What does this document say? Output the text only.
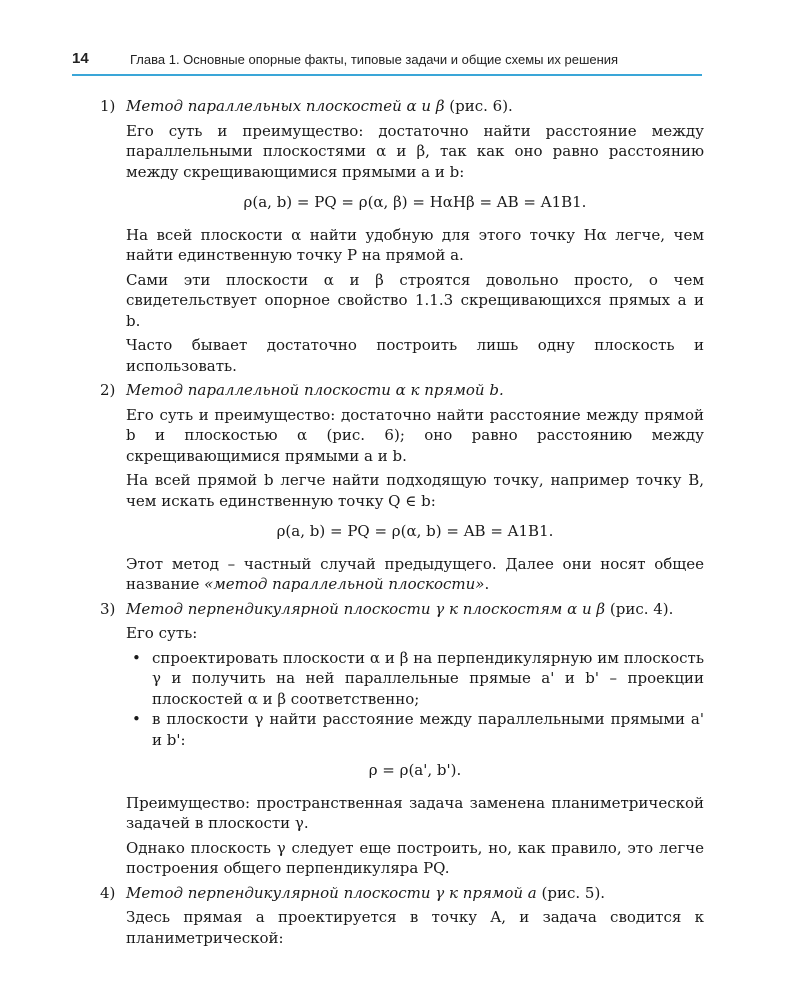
14	Глава 1. Основные опорные факты, типовые задачи и общие схемы их решения
1) Метод параллельных плоскостей α и β (рис. 6).

Его суть и преимущество: достаточно найти расстояние между параллельными плоскостями α и β, так как оно равно расстоянию между скрещивающимися прямыми a и b:

ρ(a, b) = PQ = ρ(α, β) = HαHβ = AB = A1B1.

На всей плоскости α найти удобную для этого точку Hα легче, чем найти единственную точку P на прямой a.

Сами эти плоскости α и β строятся довольно просто, о чем свидетельствует опорное свойство 1.1.3 скрещивающихся прямых a и b.

Часто бывает достаточно построить лишь одну плоскость и использовать.

2) Метод параллельной плоскости α к прямой b.

Его суть и преимущество: достаточно найти расстояние между прямой b и плоскостью α (рис. 6); оно равно расстоянию между скрещивающимися прямыми a и b.

На всей прямой b легче найти подходящую точку, например точку B, чем искать единственную точку Q ∈ b:

ρ(a, b) = PQ = ρ(α, b) = AB = A1B1.

Этот метод – частный случай предыдущего. Далее они носят общее название «метод параллельной плоскости».

3) Метод перпендикулярной плоскости γ к плоскостям α и β (рис. 4).

Его суть:

• спроектировать плоскости α и β на перпендикулярную им плоскость γ и получить на ней параллельные прямые a' и b' – проекции плоскостей α и β соответственно;
• в плоскости γ найти расстояние между параллельными прямыми a' и b':
ρ = ρ(a', b').

Преимущество: пространственная задача заменена планиметрической задачей в плоскости γ.

Однако плоскость γ следует еще построить, но, как правило, это легче построения общего перпендикуляра PQ.

4) Метод перпендикулярной плоскости γ к прямой a (рис. 5).

Здесь прямая a проектируется в точку A, и задача сводится к планиметрической:
